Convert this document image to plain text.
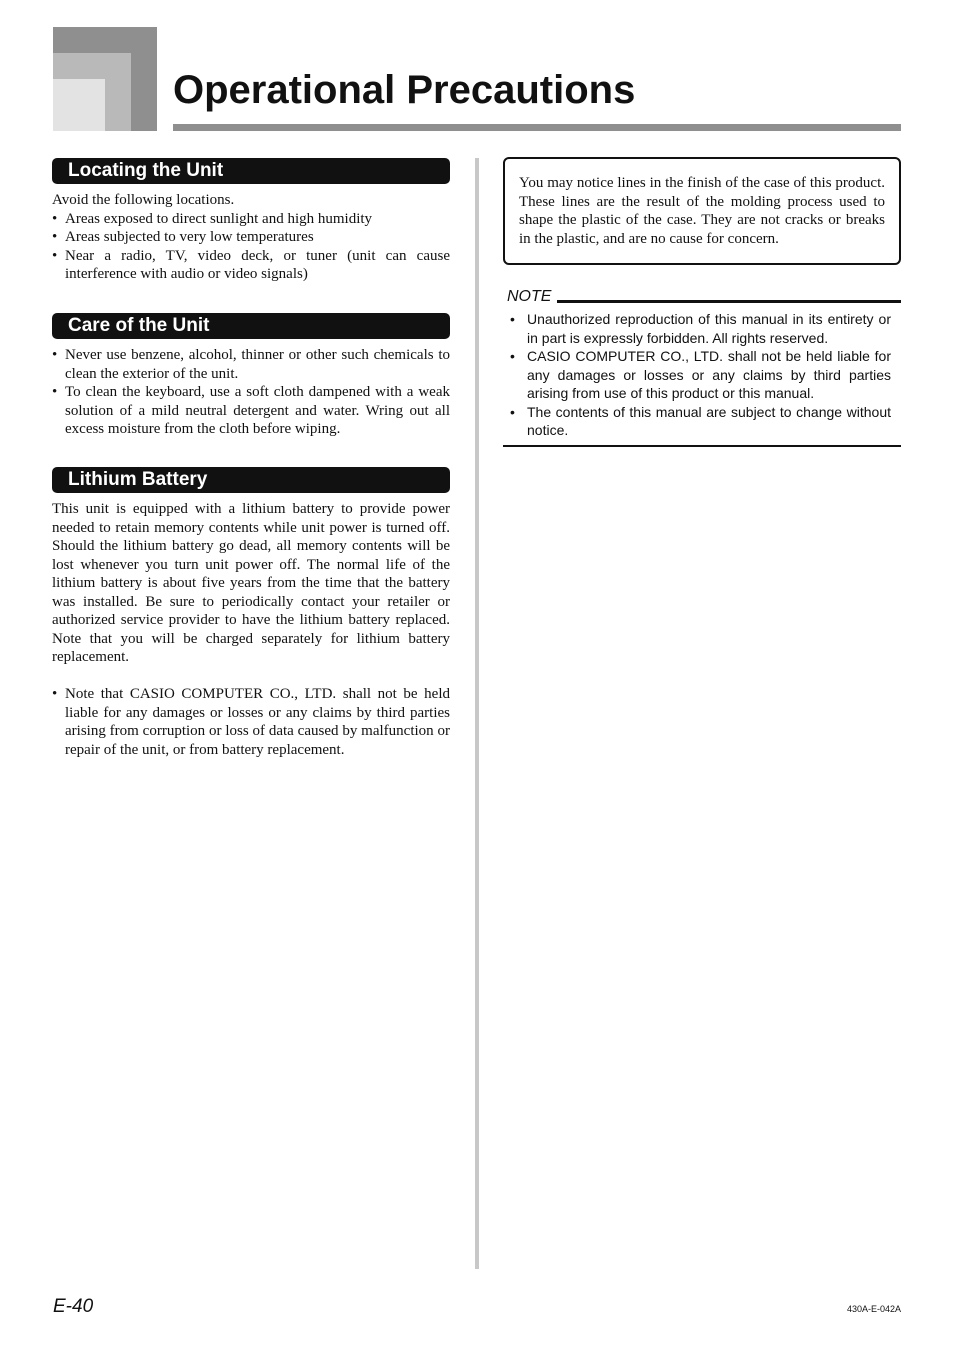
Operational Precautions
Locating the Unit

Avoid the following locations.

• Areas exposed to direct sunlight and high humidity
• Areas subjected to very low temperatures
• Near a radio, TV, video deck, or tuner (unit can cause interference with audio or video signals)
Care of the Unit
• Never use benzene, alcohol, thinner or other such chemicals to clean the exterior of the unit.
• To clean the keyboard, use a soft cloth dampened with a weak solution of a mild neutral detergent and water. Wring out all excess moisture from the cloth before wiping.
Lithium Battery

This unit is equipped with a lithium battery to provide power needed to retain memory contents while unit power is turned off. Should the lithium battery go dead, all memory contents will be lost whenever you turn unit power off. The normal life of the lithium battery is about five years from the time that the battery was installed. Be sure to periodically contact your retailer or authorized service provider to have the lithium battery replaced. Note that you will be charged separately for lithium battery replacement.

• Note that CASIO COMPUTER CO., LTD. shall not be held liable for any damages or losses or any claims by third parties arising from corruption or loss of data caused by malfunction or repair of the unit, or from battery replacement.

You may notice lines in the finish of the case of this product. These lines are the result of the molding process used to shape the plastic of the case. They are not cracks or breaks in the plastic, and are no cause for concern.

NOTE
• Unauthorized reproduction of this manual in its entirety or in part is expressly forbidden. All rights reserved.
• CASIO COMPUTER CO., LTD. shall not be held liable for any damages or losses or any claims by third parties arising from use of this product or this manual.
• The contents of this manual are subject to change without notice.
E-40	430A-E-042A
